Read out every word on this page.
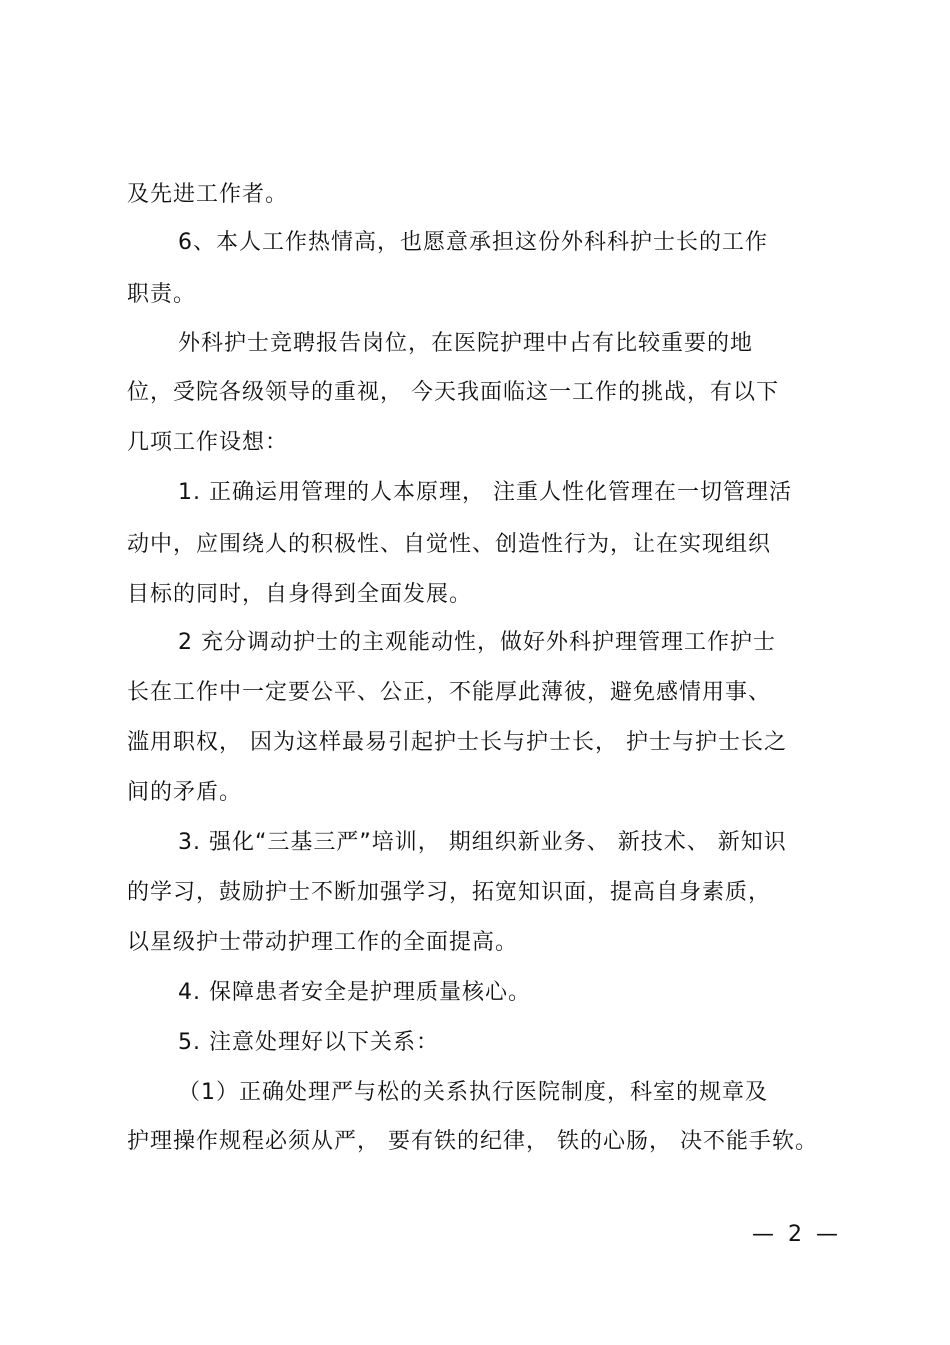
及先进工作者。
6、本人工作热情高，也愿意承担这份外科科护士长的工作
职责。
外科护士竞聘报告岗位，在医院护理中占有比较重要的地
位，受院各级领导的重视， 今天我面临这一工作的挑战，有以下
几项工作设想：
1. 正确运用管理的人本原理， 注重人性化管理在一切管理活
动中，应围绕人的积极性、自觉性、创造性行为，让在实现组织
目标的同时，自身得到全面发展。
2 充分调动护士的主观能动性，做好外科护理管理工作护士
长在工作中一定要公平、公正，不能厚此薄彼，避免感情用事、
滥用职权， 因为这样最易引起护士长与护士长， 护士与护士长之
间的矛盾。
3. 强化“三基三严”培训， 期组织新业务、 新技术、 新知识
的学习，鼓励护士不断加强学习，拓宽知识面，提高自身素质，
以星级护士带动护理工作的全面提高。
4. 保障患者安全是护理质量核心。
5. 注意处理好以下关系：
（1）正确处理严与松的关系执行医院制度，科室的规章及
护理操作规程必须从严， 要有铁的纪律， 铁的心肠， 决不能手软。
—  2  —
